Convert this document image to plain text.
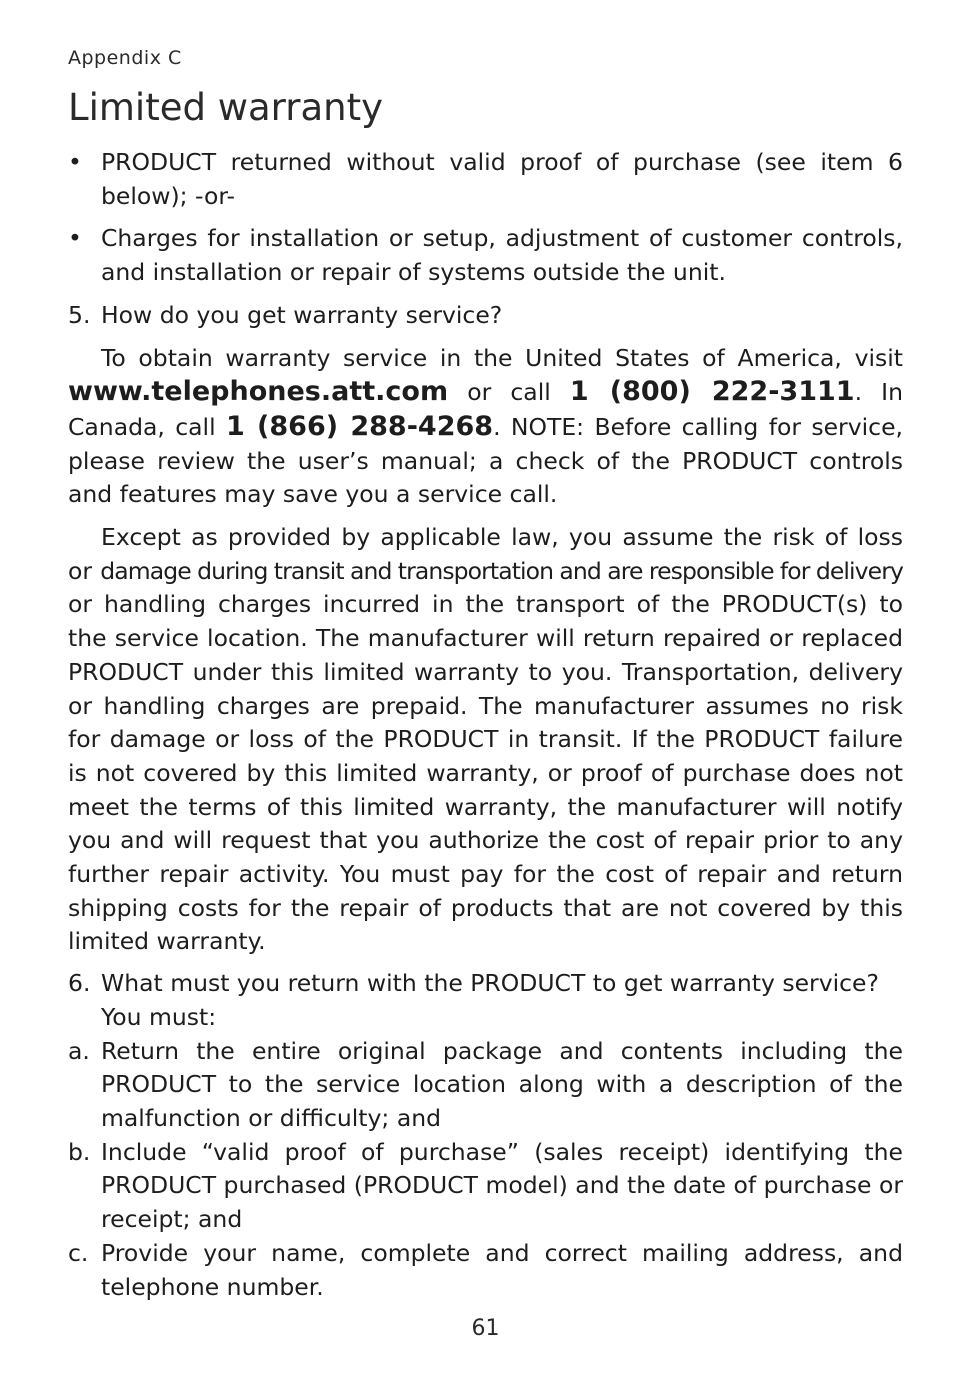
Appendix C
Limited warranty
• PRODUCT returned without valid proof of purchase (see item 6 below); -or-
• Charges for installation or setup, adjustment of customer controls, and installation or repair of systems outside the unit.
5. How do you get warranty service?

To obtain warranty service in the United States of America, visit www.telephones.att.com or call 1 (800) 222-3111. In Canada, call 1 (866) 288-4268. NOTE: Before calling for service, please review the user’s manual; a check of the PRODUCT controls and features may save you a service call.

Except as provided by applicable law, you assume the risk of loss or damage during transit and transportation and are responsible for delivery or handling charges incurred in the transport of the PRODUCT(s) to the service location. The manufacturer will return repaired or replaced PRODUCT under this limited warranty to you. Transportation, delivery or handling charges are prepaid. The manufacturer assumes no risk for damage or loss of the PRODUCT in transit. If the PRODUCT failure is not covered by this limited warranty, or proof of purchase does not meet the terms of this limited warranty, the manufacturer will notify you and will request that you authorize the cost of repair prior to any further repair activity. You must pay for the cost of repair and return shipping costs for the repair of products that are not covered by this limited warranty.

6. What must you return with the PRODUCT to get warranty service?
You must:
a. Return the entire original package and contents including the PRODUCT to the service location along with a description of the malfunction or difficulty; and
b. Include “valid proof of purchase” (sales receipt) identifying the PRODUCT purchased (PRODUCT model) and the date of purchase or receipt; and
c. Provide your name, complete and correct mailing address, and telephone number.
61
